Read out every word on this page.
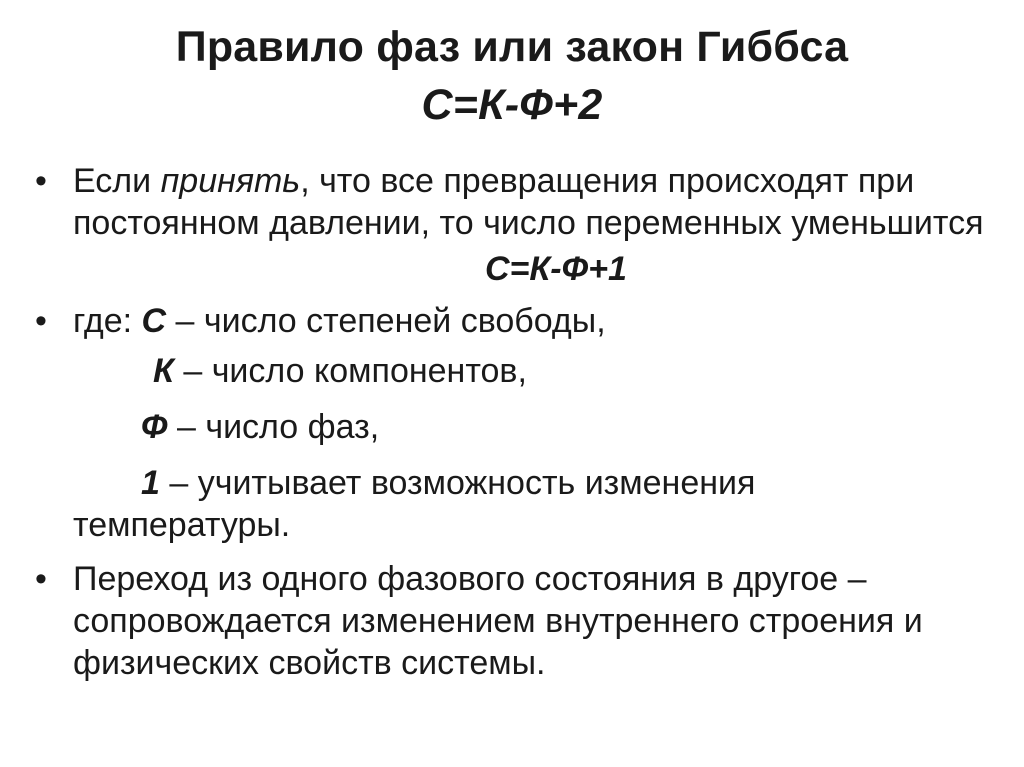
Правило фаз или закон Гиббса
С=К-Ф+2
• Если принять, что все превращения происходят при постоянном давлении, то число переменных уменьшится
С=К-Ф+1
• где: С – число степеней свободы,
К – число компонентов,
Ф – число фаз,
1 – учитывает возможность изменения
температуры.
• Переход из одного фазового состояния в другое – сопровождается изменением внутреннего строения и физических свойств системы.
